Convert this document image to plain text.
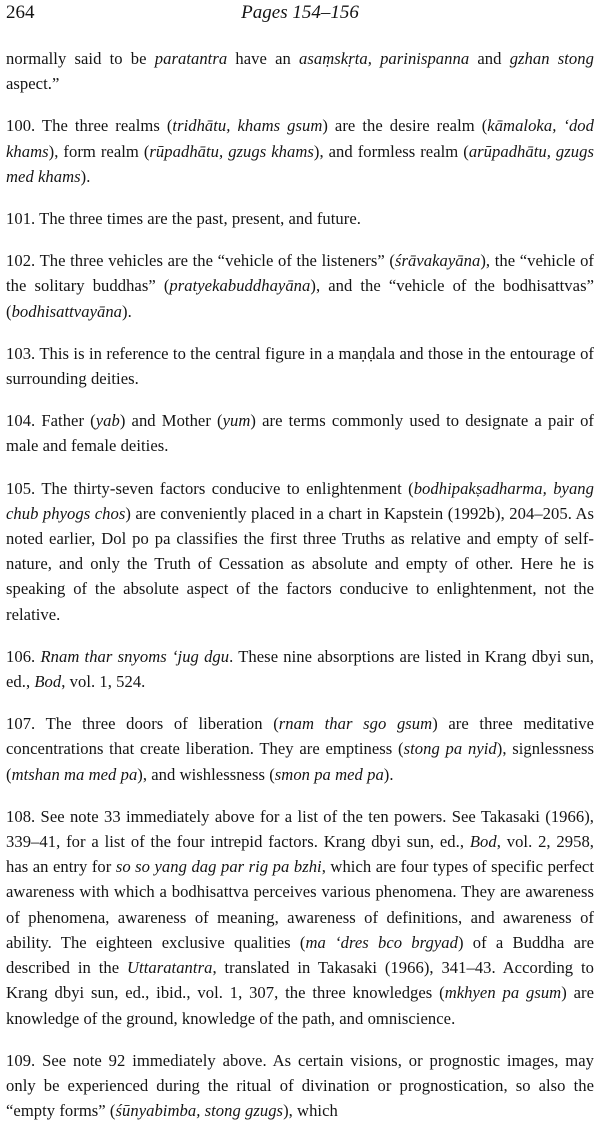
264	Pages 154–156

normally said to be paratantra have an asaṃskṛta, parinispanna and gzhan stong aspect.”

100. The three realms (tridhātu, khams gsum) are the desire realm (kāmaloka, ‘dod khams), form realm (rūpadhātu, gzugs khams), and formless realm (arūpadhātu, gzugs med khams).

101. The three times are the past, present, and future.

102. The three vehicles are the “vehicle of the listeners” (śrāvakayāna), the “vehicle of the solitary buddhas” (pratyekabuddhayāna), and the “vehicle of the bodhisattvas” (bodhisattvayāna).

103. This is in reference to the central figure in a maṇḍala and those in the entourage of surrounding deities.

104. Father (yab) and Mother (yum) are terms commonly used to designate a pair of male and female deities.

105. The thirty-seven factors conducive to enlightenment (bodhipakṣadharma, byang chub phyogs chos) are conveniently placed in a chart in Kapstein (1992b), 204–205. As noted earlier, Dol po pa classifies the first three Truths as relative and empty of self-nature, and only the Truth of Cessation as absolute and empty of other. Here he is speaking of the absolute aspect of the factors conducive to enlightenment, not the relative.

106. Rnam thar snyoms ‘jug dgu. These nine absorptions are listed in Krang dbyi sun, ed., Bod, vol. 1, 524.

107. The three doors of liberation (rnam thar sgo gsum) are three meditative concentrations that create liberation. They are emptiness (stong pa nyid), signlessness (mtshan ma med pa), and wishlessness (smon pa med pa).

108. See note 33 immediately above for a list of the ten powers. See Takasaki (1966), 339–41, for a list of the four intrepid factors. Krang dbyi sun, ed., Bod, vol. 2, 2958, has an entry for so so yang dag par rig pa bzhi, which are four types of specific perfect awareness with which a bodhisattva perceives various phenomena. They are awareness of phenomena, awareness of meaning, awareness of definitions, and awareness of ability. The eighteen exclusive qualities (ma ‘dres bco brgyad) of a Buddha are described in the Uttaratantra, translated in Takasaki (1966), 341–43. According to Krang dbyi sun, ed., ibid., vol. 1, 307, the three knowledges (mkhyen pa gsum) are knowledge of the ground, knowledge of the path, and omniscience.

109. See note 92 immediately above. As certain visions, or prognostic images, may only be experienced during the ritual of divination or prognostication, so also the “empty forms” (śūnyabimba, stong gzugs), which
